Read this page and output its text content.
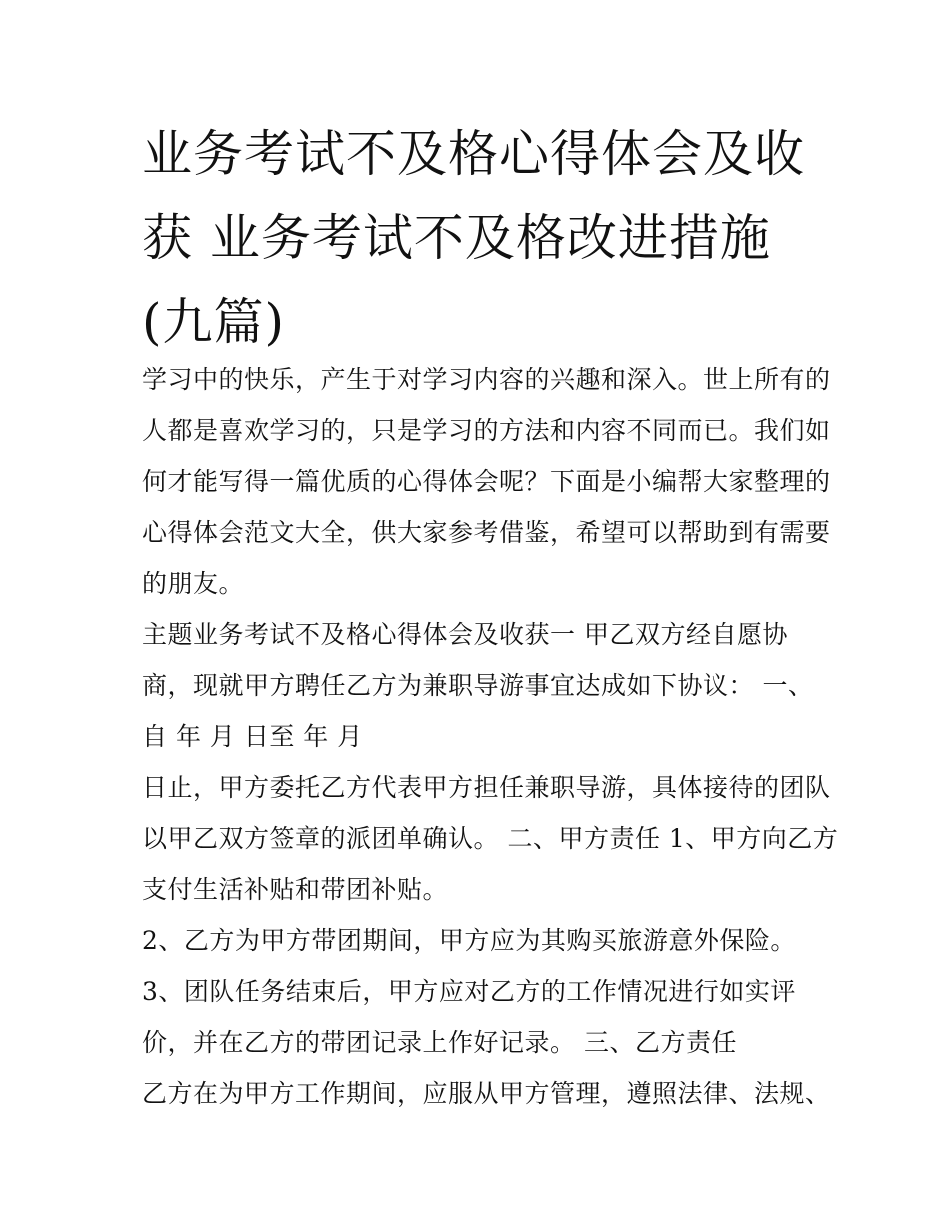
业务考试不及格心得体会及收
获 业务考试不及格改进措施
(九篇)
学习中的快乐，产生于对学习内容的兴趣和深入。世上所有的
人都是喜欢学习的，只是学习的方法和内容不同而已。我们如
何才能写得一篇优质的心得体会呢？下面是小编帮大家整理的
心得体会范文大全，供大家参考借鉴，希望可以帮助到有需要
的朋友。
主题业务考试不及格心得体会及收获一 甲乙双方经自愿协
商，现就甲方聘任乙方为兼职导游事宜达成如下协议： 一、
自 年 月 日至 年 月
日止，甲方委托乙方代表甲方担任兼职导游，具体接待的团队
以甲乙双方签章的派团单确认。 二、甲方责任 1、甲方向乙方
支付生活补贴和带团补贴。
2、乙方为甲方带团期间，甲方应为其购买旅游意外保险。
3、团队任务结束后，甲方应对乙方的工作情况进行如实评
价，并在乙方的带团记录上作好记录。 三、乙方责任
乙方在为甲方工作期间，应服从甲方管理，遵照法律、法规、
